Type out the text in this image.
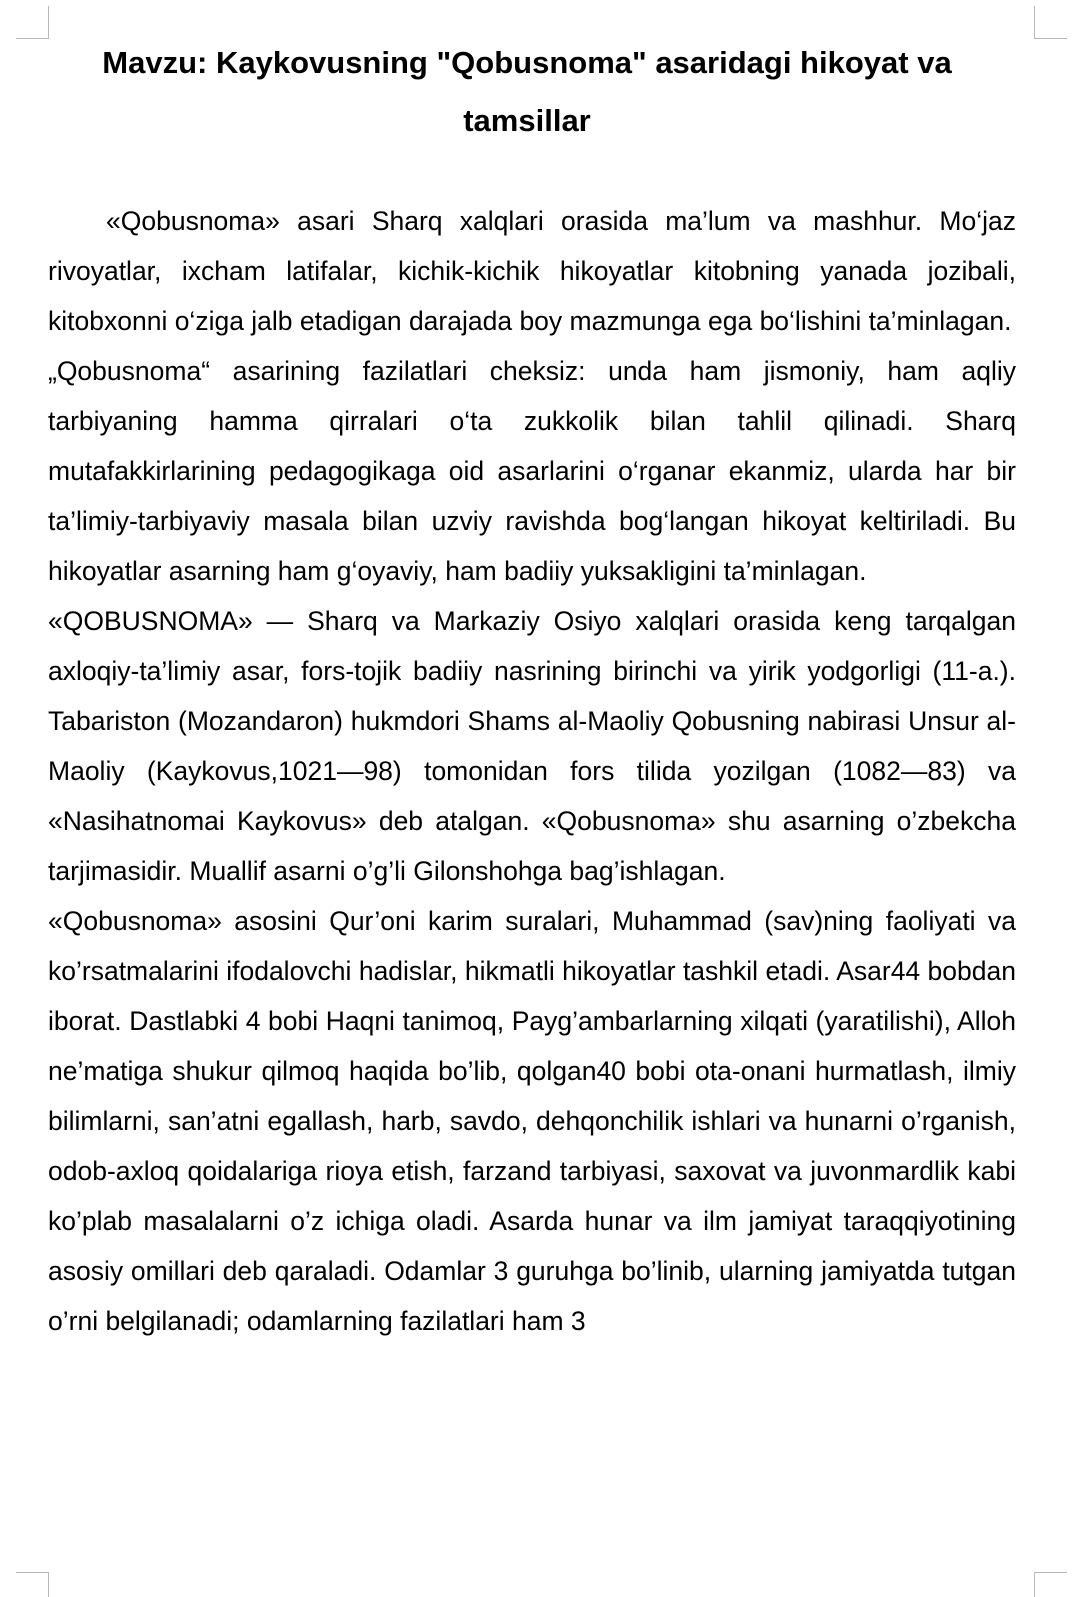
Mavzu: Kaykovusning "Qobusnoma" asaridagi hikoyat va tamsillar

«Qobusnoma» asari Sharq xalqlari orasida ma’lum va mashhur. Mo‘jaz rivoyatlar, ixcham latifalar, kichik-kichik hikoyatlar kitobning yanada jozibali, kitobxonni o‘ziga jalb etadigan darajada boy mazmunga ega bo‘lishini ta’minlagan.

„Qobusnoma“ asarining fazilatlari cheksiz: unda ham jismoniy, ham aqliy tarbiyaning hamma qirralari o‘ta zukkolik bilan tahlil qilinadi. Sharq mutafakkirlarining pedagogikaga oid asarlarini o‘rganar ekanmiz, ularda har bir ta’limiy-tarbiyaviy masala bilan uzviy ravishda bog‘langan hikoyat keltiriladi. Bu hikoyatlar asarning ham g‘oyaviy, ham badiiy yuksakligini ta’minlagan.

«QOBUSNOMA» — Sharq va Markaziy Osiyo xalqlari orasida keng tarqalgan axloqiy-ta’limiy asar, fors-tojik badiiy nasrining birinchi va yirik yodgorligi (11-a.). Tabariston (Mozandaron) hukmdori Shams al-Maoliy Qobusning nabirasi Unsur al-Maoliy (Kaykovus,1021—98) tomonidan fors tilida yozilgan (1082—83) va «Nasihatnomai Kaykovus» deb atalgan. «Qobusnoma» shu asarning o’zbekcha tarjimasidir. Muallif asarni o’g’li Gilonshohga bag’ishlagan.

«Qobusnoma» asosini Qur’oni karim suralari, Muhammad (sav)ning faoliyati va ko’rsatmalarini ifodalovchi hadislar, hikmatli hikoyatlar tashkil etadi. Asar44 bobdan iborat. Dastlabki 4 bobi Haqni tanimoq, Payg’ambarlarning xilqati (yaratilishi), Alloh ne’matiga shukur qilmoq haqida bo’lib, qolgan40 bobi ota-onani hurmatlash, ilmiy bilimlarni, san’atni egallash, harb, savdo, dehqonchilik ishlari va hunarni o’rganish, odob-axloq qoidalariga rioya etish, farzand tarbiyasi, saxovat va juvonmardlik kabi ko’plab masalalarni o’z ichiga oladi. Asarda hunar va ilm jamiyat taraqqiyotining asosiy omillari deb qaraladi. Odamlar 3 guruhga bo’linib, ularning jamiyatda tutgan o’rni belgilanadi; odamlarning fazilatlari ham 3
